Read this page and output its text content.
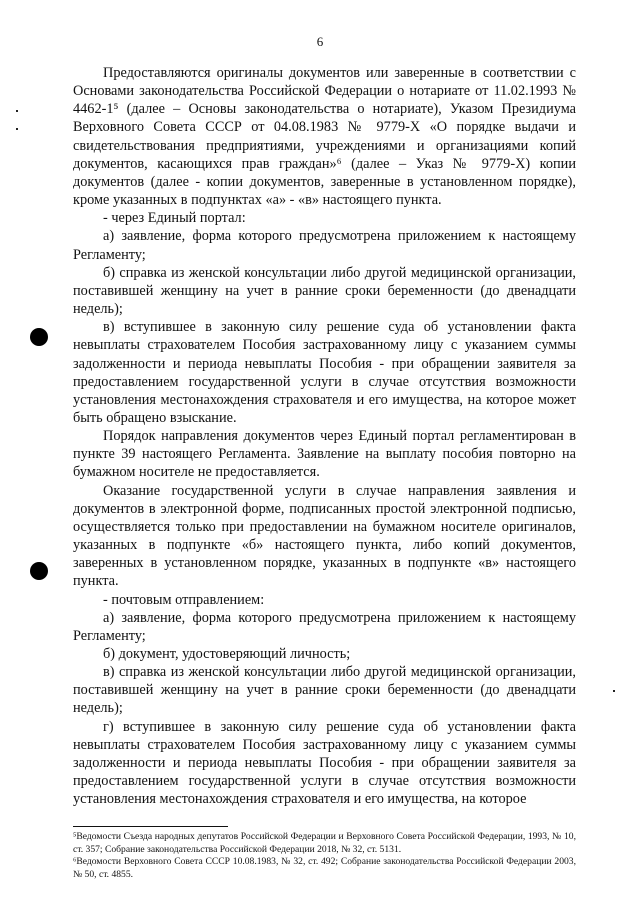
6

Предоставляются оригиналы документов или заверенные в соответствии с Основами законодательства Российской Федерации о нотариате от 11.02.1993 № 4462-1⁵ (далее – Основы законодательства о нотариате), Указом Президиума Верховного Совета СССР от 04.08.1983 № 9779-Х «О порядке выдачи и свидетельствования предприятиями, учреждениями и организациями копий документов, касающихся прав граждан»⁶ (далее – Указ № 9779-Х) копии документов (далее - копии документов, заверенные в установленном порядке), кроме указанных в подпунктах «а» - «в» настоящего пункта.

- через Единый портал:

а) заявление, форма которого предусмотрена приложением к настоящему Регламенту;

б) справка из женской консультации либо другой медицинской организации, поставившей женщину на учет в ранние сроки беременности (до двенадцати недель);

в) вступившее в законную силу решение суда об установлении факта невыплаты страхователем Пособия застрахованному лицу с указанием суммы задолженности и периода невыплаты Пособия - при обращении заявителя за предоставлением государственной услуги в случае отсутствия возможности установления местонахождения страхователя и его имущества, на которое может быть обращено взыскание.

Порядок направления документов через Единый портал регламентирован в пункте 39 настоящего Регламента. Заявление на выплату пособия повторно на бумажном носителе не предоставляется.

Оказание государственной услуги в случае направления заявления и документов в электронной форме, подписанных простой электронной подписью, осуществляется только при предоставлении на бумажном носителе оригиналов, указанных в подпункте «б» настоящего пункта, либо копий документов, заверенных в установленном порядке, указанных в подпункте «в» настоящего пункта.

- почтовым отправлением:

а) заявление, форма которого предусмотрена приложением к настоящему Регламенту;

б) документ, удостоверяющий личность;

в) справка из женской консультации либо другой медицинской организации, поставившей женщину на учет в ранние сроки беременности (до двенадцати недель);

г) вступившее в законную силу решение суда об установлении факта невыплаты страхователем Пособия застрахованному лицу с указанием суммы задолженности и периода невыплаты Пособия - при обращении заявителя за предоставлением государственной услуги в случае отсутствия возможности установления местонахождения страхователя и его имущества, на которое

⁵Ведомости Съезда народных депутатов Российской Федерации и Верховного Совета Российской Федерации, 1993, № 10, ст. 357; Собрание законодательства Российской Федерации 2018, № 32, ст. 5131.

⁶Ведомости Верховного Совета СССР 10.08.1983, № 32, ст. 492; Собрание законодательства Российской Федерации 2003, № 50, ст. 4855.
